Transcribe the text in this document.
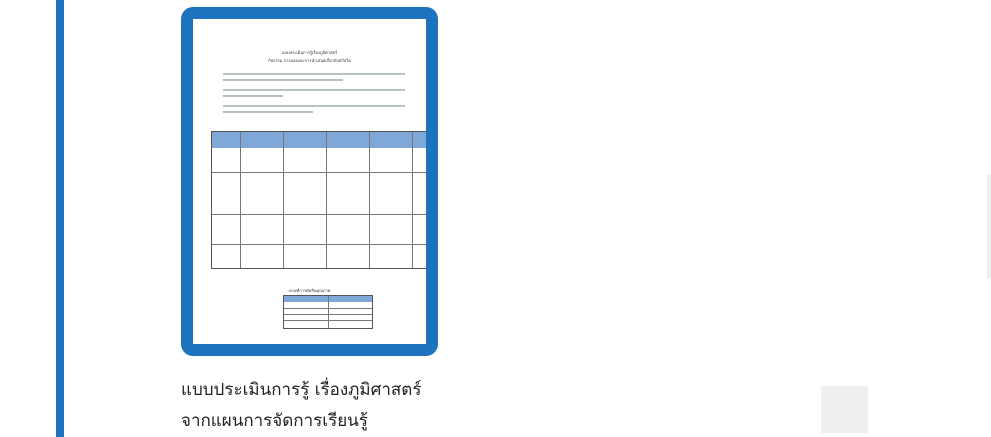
แบบประเมินการรู้เรื่องภูมิศาสตร์
กิจกรรม การมองและการนำเสนอเกี่ยวกับทวีปใด
เกณฑ์การตัดสินคุณภาพ
แบบประเมินการรู้ เรื่องภูมิศาสตร์
จากแผนการจัดการเรียนรู้
